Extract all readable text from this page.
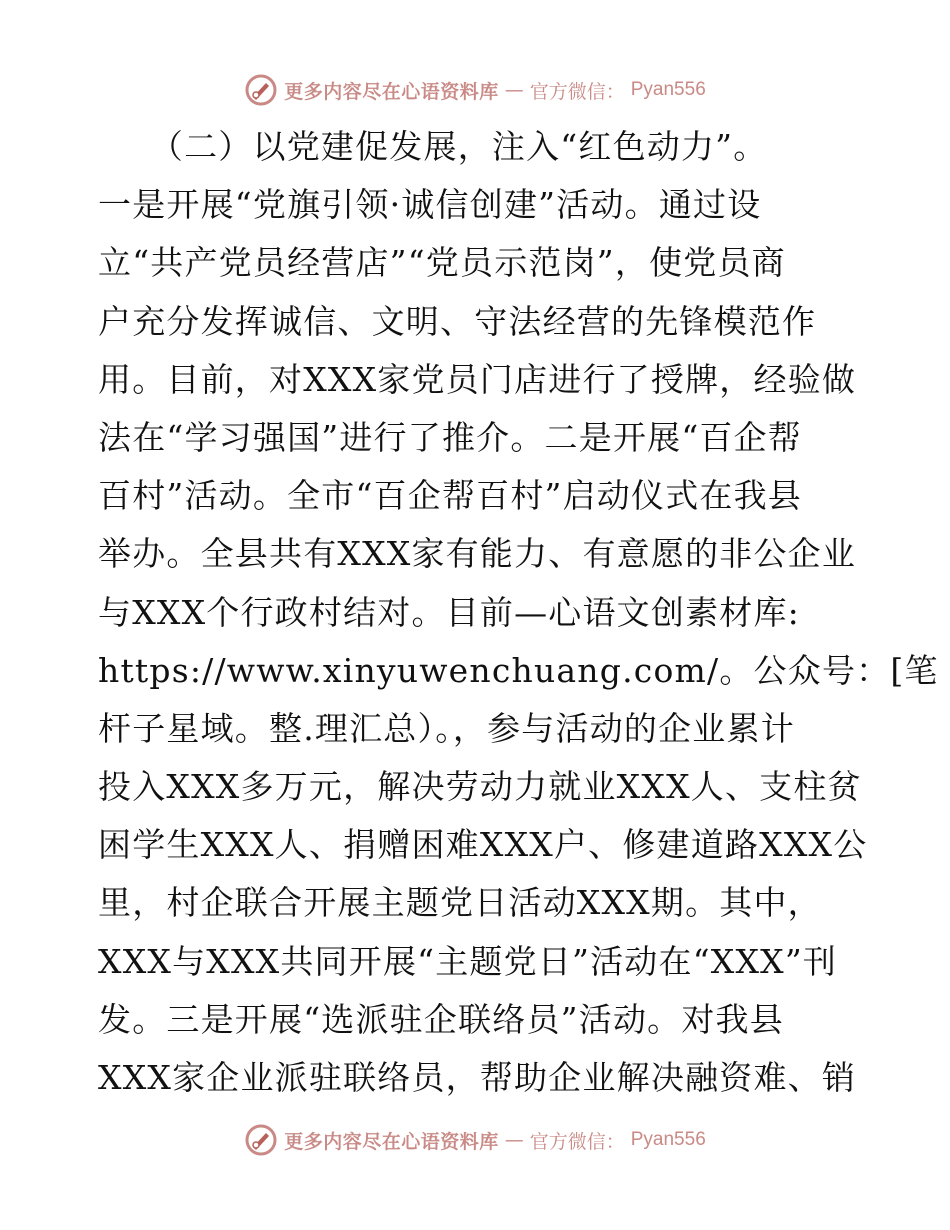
更多内容尽在心语资料库 — 官方微信： Pyan556
　　（二）以党建促发展，注入“红色动力”。
一是开展“党旗引领·诚信创建”活动。通过设
立“共产党员经营店”“党员示范岗”，使党员商
户充分发挥诚信、文明、守法经营的先锋模范作
用。目前，对XXX家党员门店进行了授牌，经验做
法在“学习强国”进行了推介。二是开展“百企帮
百村”活动。全市“百企帮百村”启动仪式在我县
举办。全县共有XXX家有能力、有意愿的非公企业
与XXX个行政村结对。目前—心语文创素材库:
https://www.xinyuwenchuang.com/。公众号：[笔
杆子星域。整.理汇总）。，参与活动的企业累计
投入XXX多万元，解决劳动力就业XXX人、支柱贫
困学生XXX人、捐赠困难XXX户、修建道路XXX公
里，村企联合开展主题党日活动XXX期。其中，
XXX与XXX共同开展“主题党日”活动在“XXX”刊
发。三是开展“选派驻企联络员”活动。对我县
XXX家企业派驻联络员，帮助企业解决融资难、销
更多内容尽在心语资料库 — 官方微信： Pyan556
